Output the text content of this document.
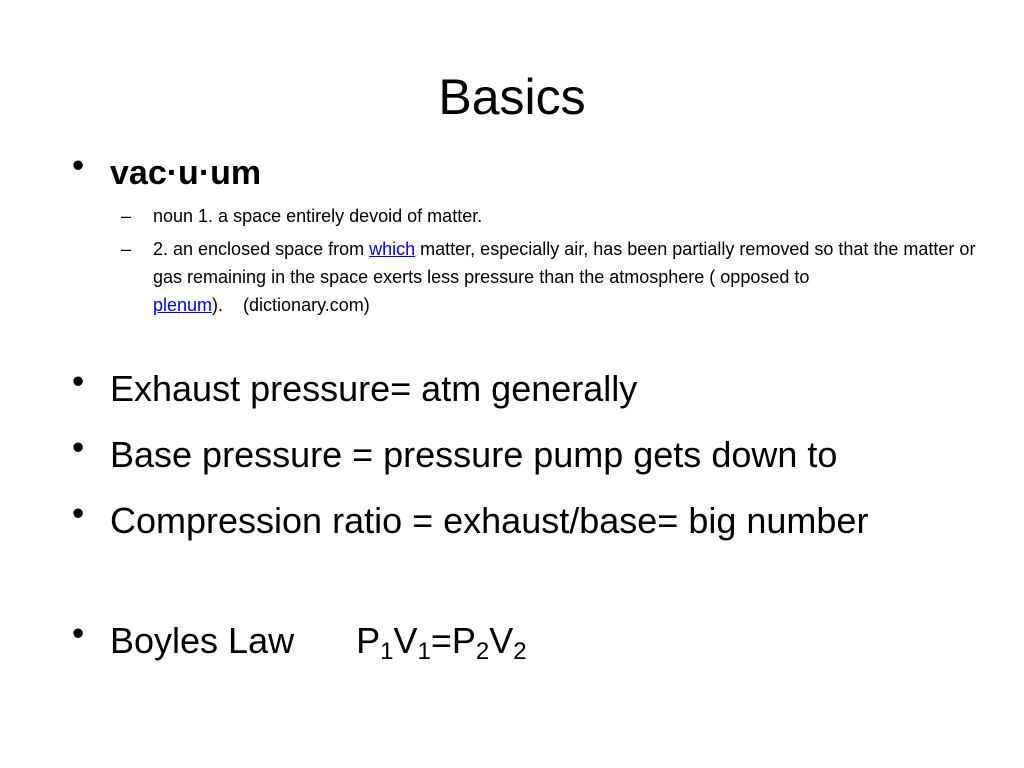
Basics
• vac·u·um
– noun 1. a space entirely devoid of matter.
– 2. an enclosed space from which matter, especially air, has been partially removed so that the matter or gas remaining in the space exerts less pressure than the atmosphere ( opposed to plenum).    (dictionary.com)
• Exhaust pressure= atm generally
• Base pressure = pressure pump gets down to
• Compression ratio = exhaust/base= big number
• Boyles Law $P_1V_1=P_2V_2$
